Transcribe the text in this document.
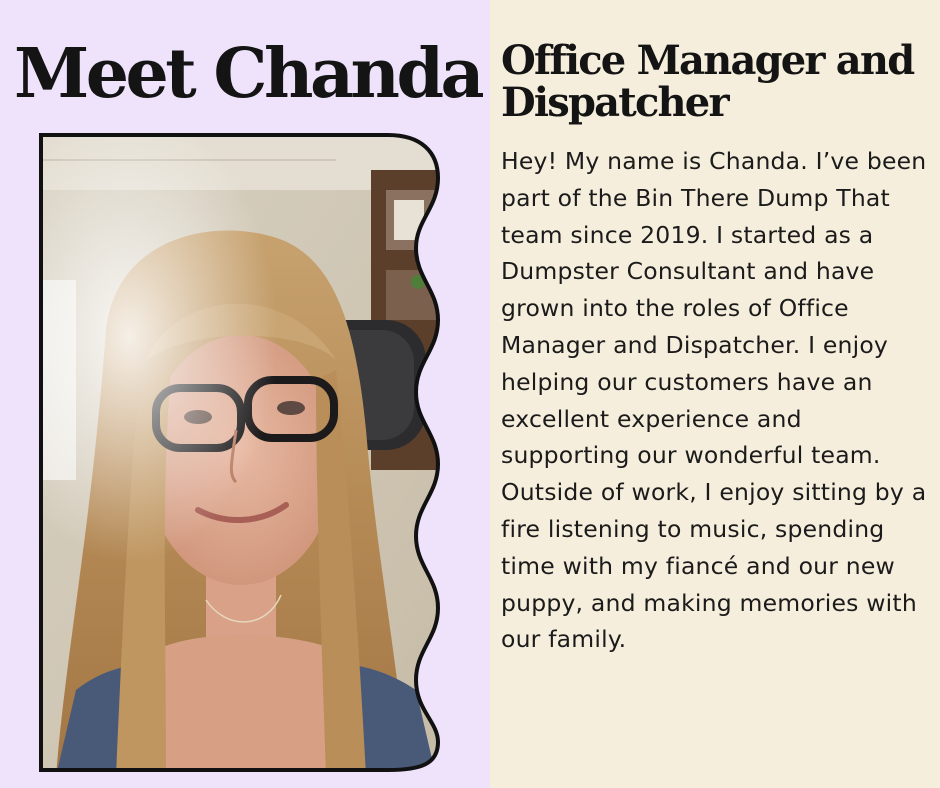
Meet Chanda Office Manager and Dispatcher

Hey! My name is Chanda. I’ve been part of the Bin There Dump That team since 2019. I started as a Dumpster Consultant and have grown into the roles of Office Manager and Dispatcher. I enjoy helping our customers have an excellent experience and supporting our wonderful team. Outside of work, I enjoy sitting by a fire listening to music, spending time with my fiancé and our new puppy, and making memories with our family.
